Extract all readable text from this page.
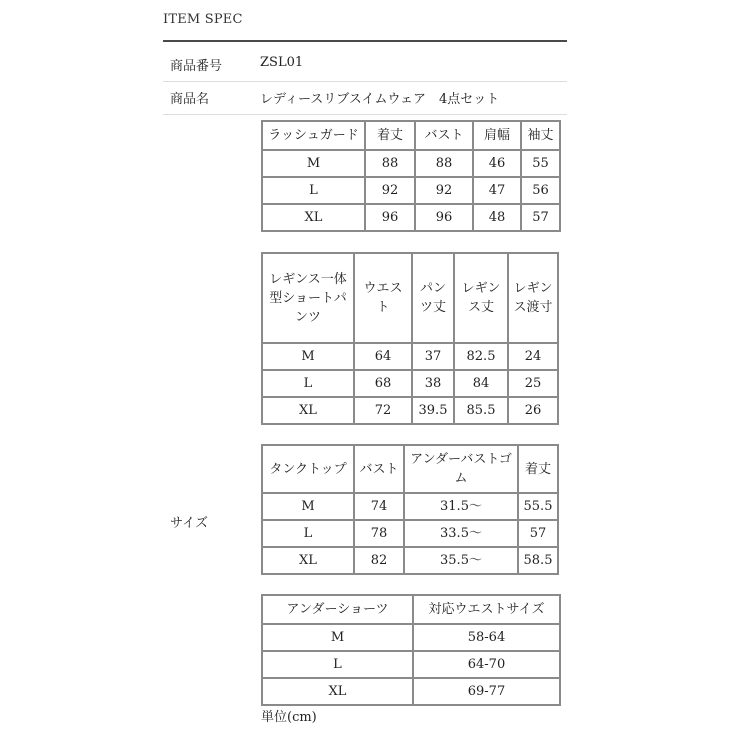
ITEM SPEC
商品番号	ZSL01
商品名	レディースリブスイムウェア　4点セット
サイズ
ラッシュガード	着丈	バスト	肩幅	袖丈
M	88	88	46	55
L	92	92	47	56
XL	96	96	48	57
レギンス一体型ショートパンツ	ウエスト	パンツ丈	レギンス丈	レギンス渡寸
M	64	37	82.5	24
L	68	38	84	25
XL	72	39.5	85.5	26
タンクトップ	バスト	アンダーバストゴム	着丈
M	74	31.5〜	55.5
L	78	33.5〜	57
XL	82	35.5〜	58.5
アンダーショーツ	対応ウエストサイズ
M	58-64
L	64-70
XL	69-77
単位(cm)
